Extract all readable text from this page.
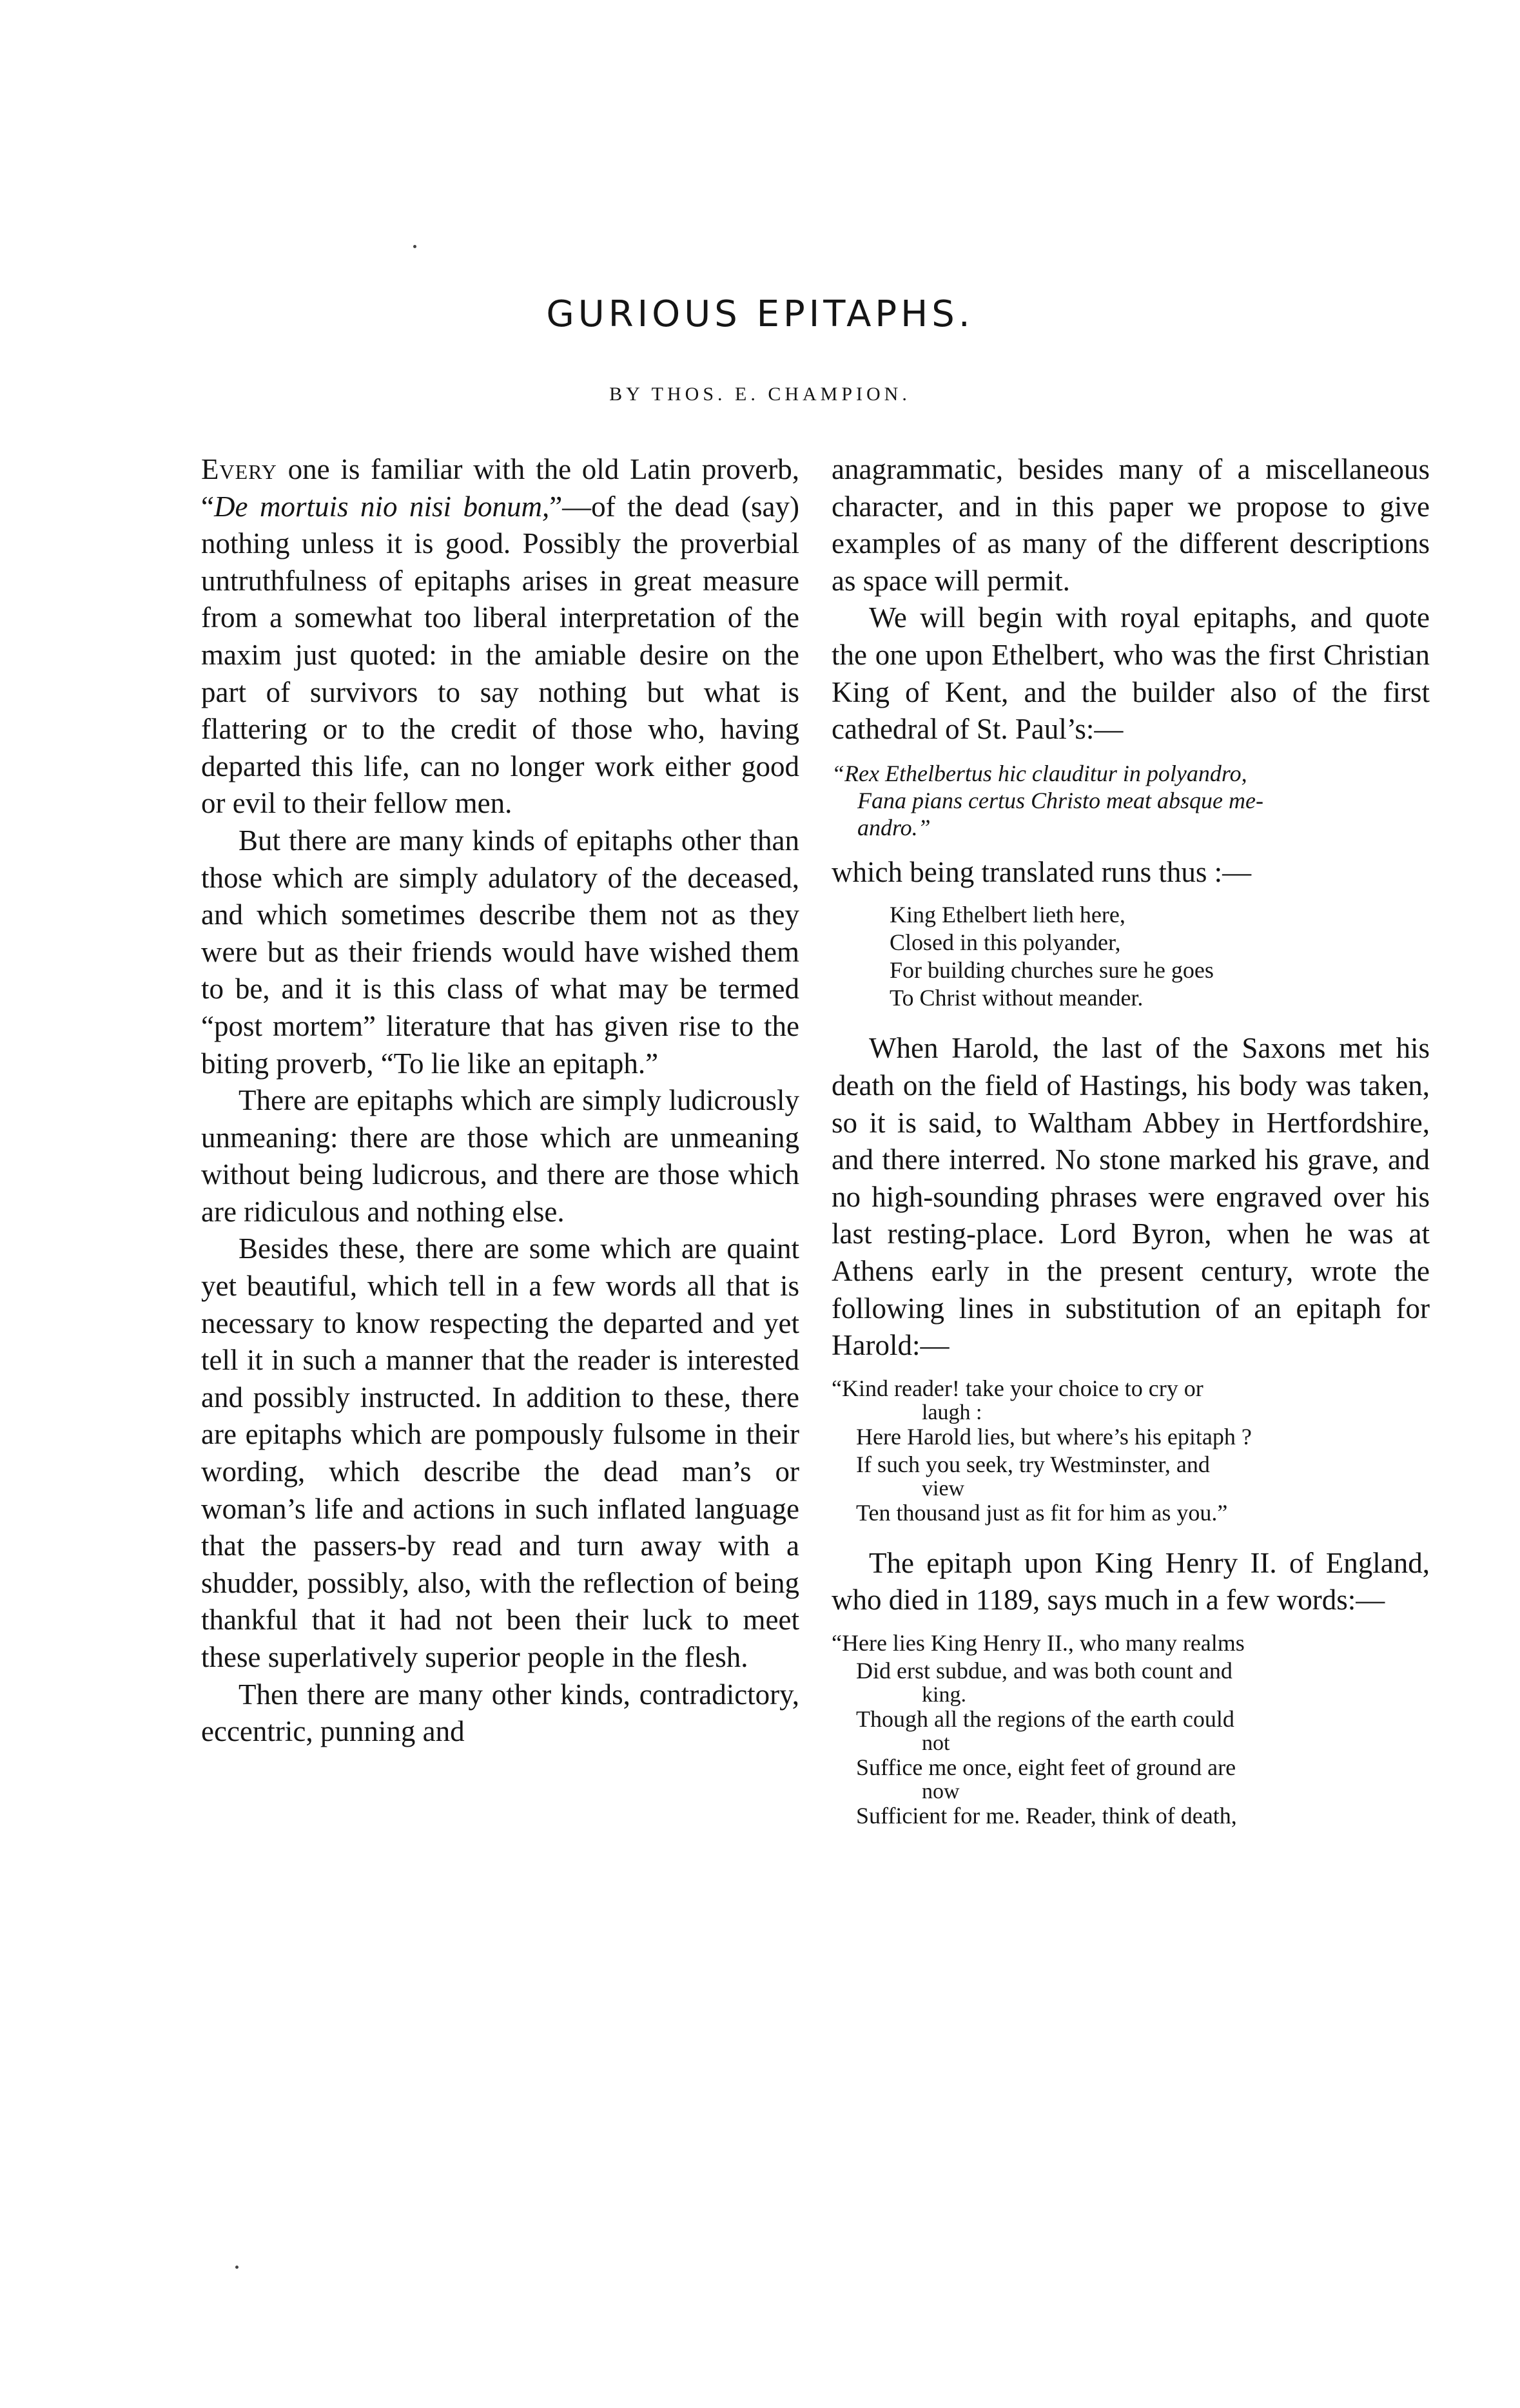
GURIOUS EPITAPHS.
BY THOS. E. CHAMPION.

Every one is familiar with the old Latin proverb, “De mortuis nio nisi bonum,”—of the dead (say) nothing unless it is good. Possibly the proverbial untruthfulness of epitaphs arises in great measure from a somewhat too liberal interpretation of the maxim just quoted: in the amiable desire on the part of survivors to say nothing but what is flattering or to the credit of those who, having departed this life, can no longer work either good or evil to their fellow men.

But there are many kinds of epitaphs other than those which are simply adulatory of the deceased, and which sometimes describe them not as they were but as their friends would have wished them to be, and it is this class of what may be termed “post mortem” literature that has given rise to the biting proverb, “To lie like an epitaph.”

There are epitaphs which are simply ludicrously unmeaning: there are those which are unmeaning without being ludicrous, and there are those which are ridiculous and nothing else.

Besides these, there are some which are quaint yet beautiful, which tell in a few words all that is necessary to know respecting the departed and yet tell it in such a manner that the reader is interested and possibly instructed. In addition to these, there are epitaphs which are pompously fulsome in their wording, which describe the dead man’s or woman’s life and actions in such inflated language that the passers-by read and turn away with a shudder, possibly, also, with the reflection of being thankful that it had not been their luck to meet these superlatively superior people in the flesh.

Then there are many other kinds, contradictory, eccentric, punning and

anagrammatic, besides many of a miscellaneous character, and in this paper we propose to give examples of as many of the different descriptions as space will permit.

We will begin with royal epitaphs, and quote the one upon Ethelbert, who was the first Christian King of Kent, and the builder also of the first cathedral of St. Paul’s:—

“Rex Ethelbertus hic clauditur in polyandro,
Fana pians certus Christo meat absque me-
andro.”

which being translated runs thus :—

King Ethelbert lieth here,
Closed in this polyander,
For building churches sure he goes
To Christ without meander.

When Harold, the last of the Saxons met his death on the field of Hastings, his body was taken, so it is said, to Waltham Abbey in Hertfordshire, and there interred. No stone marked his grave, and no high-sounding phrases were engraved over his last resting-place. Lord Byron, when he was at Athens early in the present century, wrote the following lines in substitution of an epitaph for Harold:—

“Kind reader! take your choice to cry or
laugh :
Here Harold lies, but where’s his epitaph ?
If such you seek, try Westminster, and
view
Ten thousand just as fit for him as you.”

The epitaph upon King Henry II. of England, who died in 1189, says much in a few words:—

“Here lies King Henry II., who many realms
Did erst subdue, and was both count and
king.
Though all the regions of the earth could
not
Suffice me once, eight feet of ground are
now
Sufficient for me. Reader, think of death,
